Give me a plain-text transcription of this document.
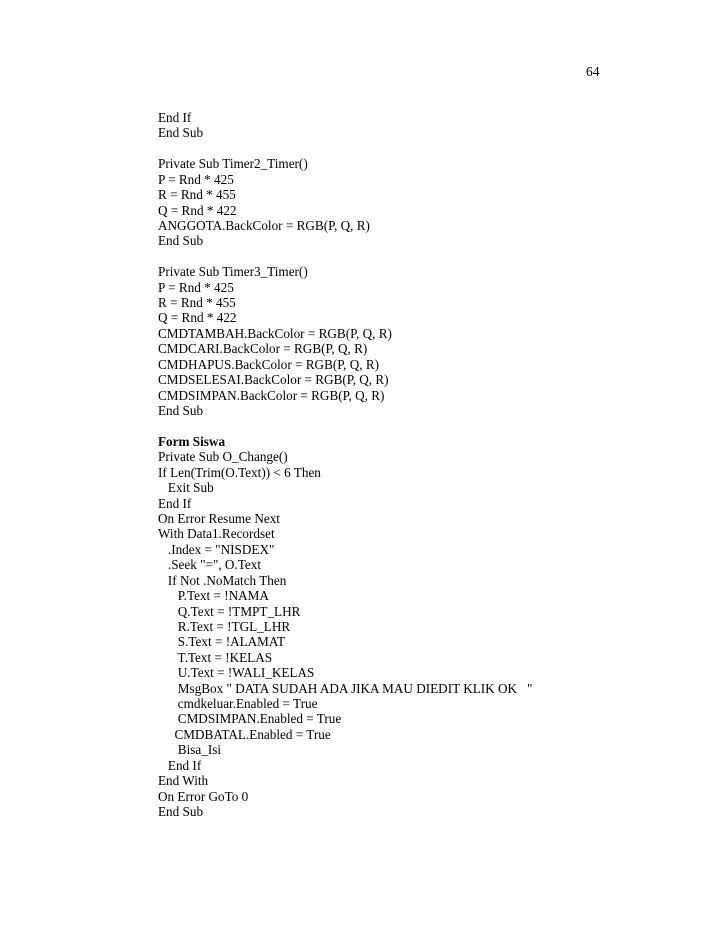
64
End If
End Sub
Private Sub Timer2_Timer()
P = Rnd * 425
R = Rnd * 455
Q = Rnd * 422
ANGGOTA.BackColor = RGB(P, Q, R)
End Sub
Private Sub Timer3_Timer()
P = Rnd * 425
R = Rnd * 455
Q = Rnd * 422
CMDTAMBAH.BackColor = RGB(P, Q, R)
CMDCARI.BackColor = RGB(P, Q, R)
CMDHAPUS.BackColor = RGB(P, Q, R)
CMDSELESAI.BackColor = RGB(P, Q, R)
CMDSIMPAN.BackColor = RGB(P, Q, R)
End Sub
Form Siswa
Private Sub O_Change()
If Len(Trim(O.Text)) < 6 Then
Exit Sub
End If
On Error Resume Next
With Data1.Recordset
.Index = "NISDEX"
.Seek "=", O.Text
If Not .NoMatch Then
P.Text = !NAMA
Q.Text = !TMPT_LHR
R.Text = !TGL_LHR
S.Text = !ALAMAT
T.Text = !KELAS
U.Text = !WALI_KELAS
MsgBox " DATA SUDAH ADA JIKA MAU DIEDIT KLIK OK   "
cmdkeluar.Enabled = True
CMDSIMPAN.Enabled = True
CMDBATAL.Enabled = True
Bisa_Isi
End If
End With
On Error GoTo 0
End Sub
